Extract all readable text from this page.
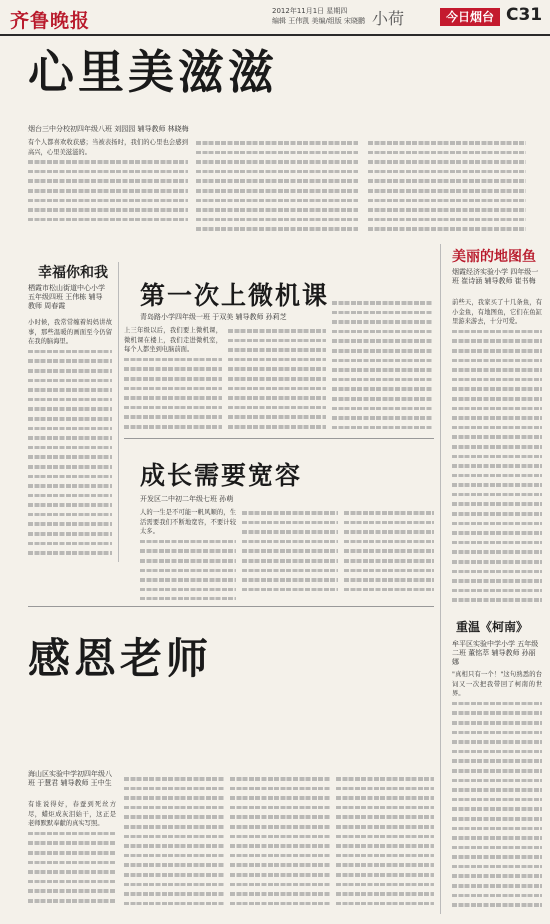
齐鲁晚报	2012年11月1日 星期四
编辑 王伟凯 美编/组版 宋晓鹏 小荷	今日烟台 C31
心里美滋滋
烟台三中分校初四年级八班 刘园园 辅导教师 林晓梅
有个人都喜欢收获感；当被表扬时，我们的心里也会感到高兴，心里美滋滋的。
幸福你和我
栖霞市松山街道中心小学 五年级四班 王伟栋 辅导教师 周春霞
小时候，我常常缠着妈妈讲故事，那些温暖的画面至今仍留在我的脑海里。
第一次上微机课
青岛路小学四年级一班 于双美 辅导教师 孙莉芝
上三年级以后，我们要上微机课，微机课在楼上，我们走进微机室，每个人都坐到电脑前面。
成长需要宽容
开发区二中初二年级七班 孙萌
人的一生是不可能一帆风顺的，生活需要我们不断地宽容，不要计较太多。
感恩老师
海山区实验中学初四年级八班 于慧君 辅导教师 王中生
有谁说得好，春蚕到死丝方尽，蜡炬成灰泪始干，这正是老师默默奉献的真实写照。
美丽的地图鱼
烟霞经济实验小学 四年级一班 崔诗涵 辅导教师 崔书梅
前些天，我家买了十几条鱼，有小金鱼，有地图鱼，它们在鱼缸里游来游去，十分可爱。
重温《柯南》
牟平区实验中学小学 五年级二班 董铭萃 辅导教师 孙丽娜
"真相只有一个！"这句熟悉的台词又一次把我带回了柯南的世界。
